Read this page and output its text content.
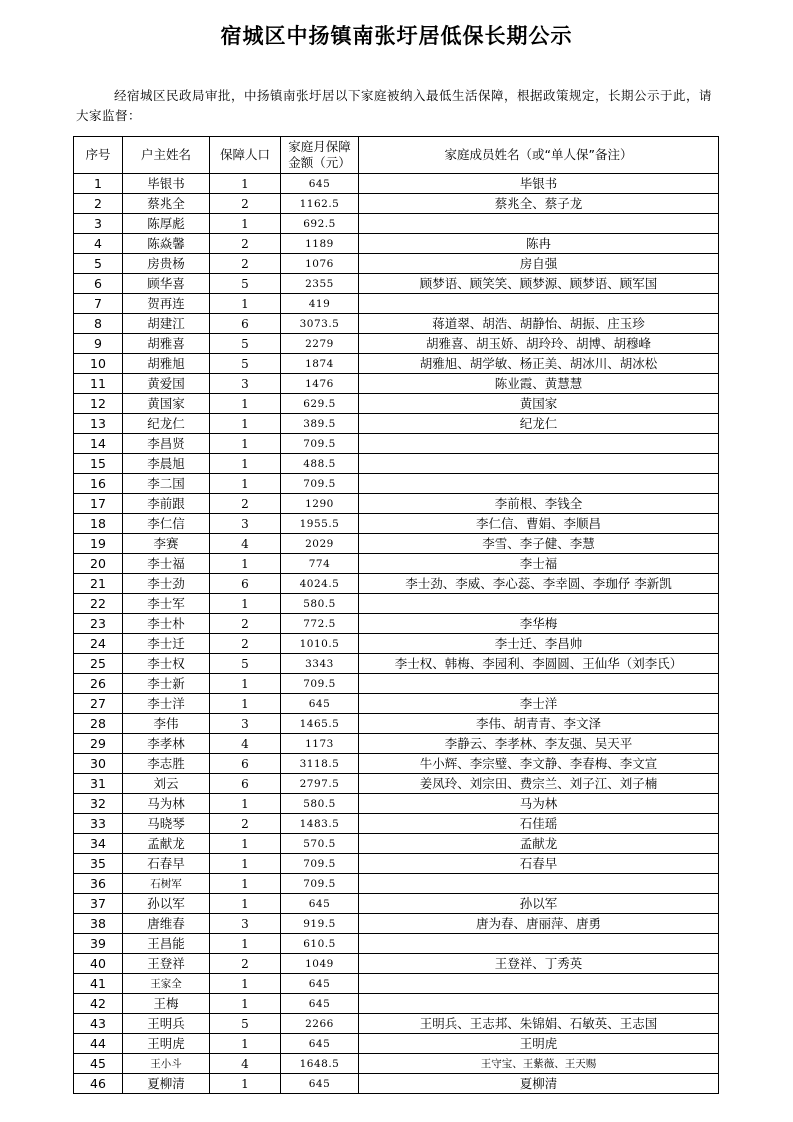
宿城区中扬镇南张圩居低保长期公示
经宿城区民政局审批，中扬镇南张圩居以下家庭被纳入最低生活保障，根据政策规定，长期公示于此，请大家监督：
序号	户主姓名	保障人口	家庭月保障金额（元）	家庭成员姓名（或“单人保”备注）
1	毕银书	1	645	毕银书
2	蔡兆全	2	1162.5	蔡兆全、蔡子龙
3	陈厚彪	1	692.5	
4	陈焱馨	2	1189	陈冉
5	房贵杨	2	1076	房自强
6	顾华喜	5	2355	顾梦语、顾笑笑、顾梦源、顾梦语、顾军国
7	贺再连	1	419	
8	胡建江	6	3073.5	蒋道翠、胡浩、胡静怡、胡振、庄玉珍
9	胡雅喜	5	2279	胡雅喜、胡玉娇、胡玲玲、胡博、胡穆峰
10	胡雅旭	5	1874	胡雅旭、胡学敏、杨正美、胡冰川、胡冰松
11	黄爱国	3	1476	陈业霞、黄慧慧
12	黄国家	1	629.5	黄国家
13	纪龙仁	1	389.5	纪龙仁
14	李昌贤	1	709.5	
15	李晨旭	1	488.5	
16	李二国	1	709.5	
17	李前跟	2	1290	李前根、李钱全
18	李仁信	3	1955.5	李仁信、曹娟、李顺昌
19	李赛	4	2029	李雪、李子健、李慧
20	李士福	1	774	李士福
21	李士劲	6	4024.5	李士劲、李威、李心蕊、李幸圆、李珈伃 李新凯
22	李士军	1	580.5	
23	李士朴	2	772.5	李华梅
24	李士迁	2	1010.5	李士迁、李昌帅
25	李士权	5	3343	李士权、韩梅、李园利、李圆圆、王仙华（刘李氏）
26	李士新	1	709.5	
27	李士洋	1	645	李士洋
28	李伟	3	1465.5	李伟、胡青青、李文泽
29	李孝林	4	1173	李静云、李孝林、李友强、吴天平
30	李志胜	6	3118.5	牛小辉、李宗璧、李文静、李春梅、李文宣
31	刘云	6	2797.5	姜凤玲、刘宗田、费宗兰、刘子江、刘子楠
32	马为林	1	580.5	马为林
33	马晓琴	2	1483.5	石佳瑶
34	孟献龙	1	570.5	孟献龙
35	石春早	1	709.5	石春早
36	石树军	1	709.5	
37	孙以军	1	645	孙以军
38	唐维春	3	919.5	唐为春、唐丽萍、唐勇
39	王昌能	1	610.5	
40	王登祥	2	1049	王登祥、丁秀英
41	王家全	1	645	
42	王梅	1	645	
43	王明兵	5	2266	王明兵、王志邦、朱锦娟、石敏英、王志国
44	王明虎	1	645	王明虎
45	王小斗	4	1648.5	王守宝、王紫薇、王天赐
46	夏柳清	1	645	夏柳清
